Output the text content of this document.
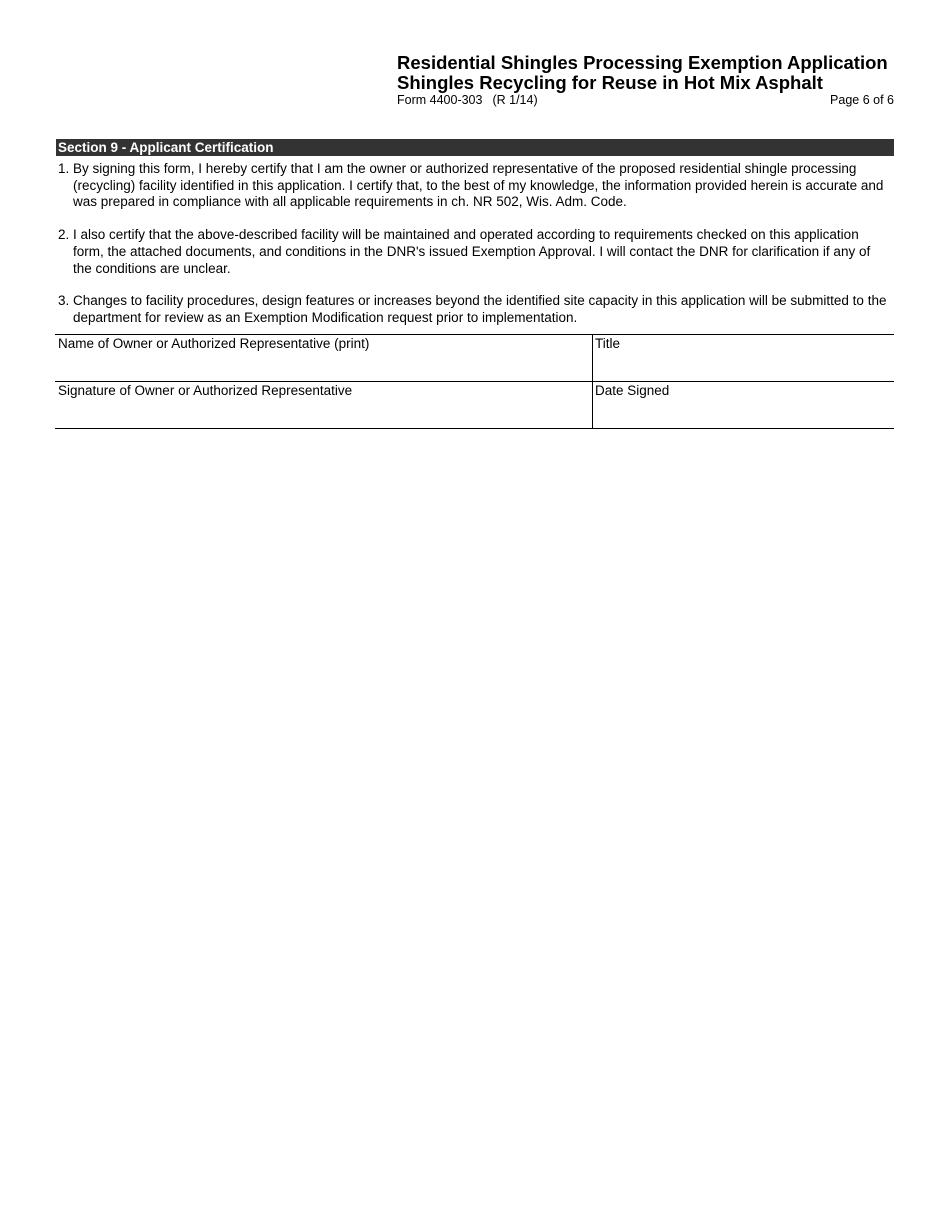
Residential Shingles Processing Exemption Application
Shingles Recycling for Reuse in Hot Mix Asphalt
Form 4400-303 (R 1/14)	Page 6 of 6
Section 9 - Applicant Certification
1. By signing this form, I hereby certify that I am the owner or authorized representative of the proposed residential shingle processing (recycling) facility identified in this application. I certify that, to the best of my knowledge, the information provided herein is accurate and was prepared in compliance with all applicable requirements in ch. NR 502, Wis. Adm. Code.
2. I also certify that the above-described facility will be maintained and operated according to requirements checked on this application form, the attached documents, and conditions in the DNR's issued Exemption Approval. I will contact the DNR for clarification if any of the conditions are unclear.
3. Changes to facility procedures, design features or increases beyond the identified site capacity in this application will be submitted to the department for review as an Exemption Modification request prior to implementation.
Name of Owner or Authorized Representative (print)	Title
Signature of Owner or Authorized Representative	Date Signed
